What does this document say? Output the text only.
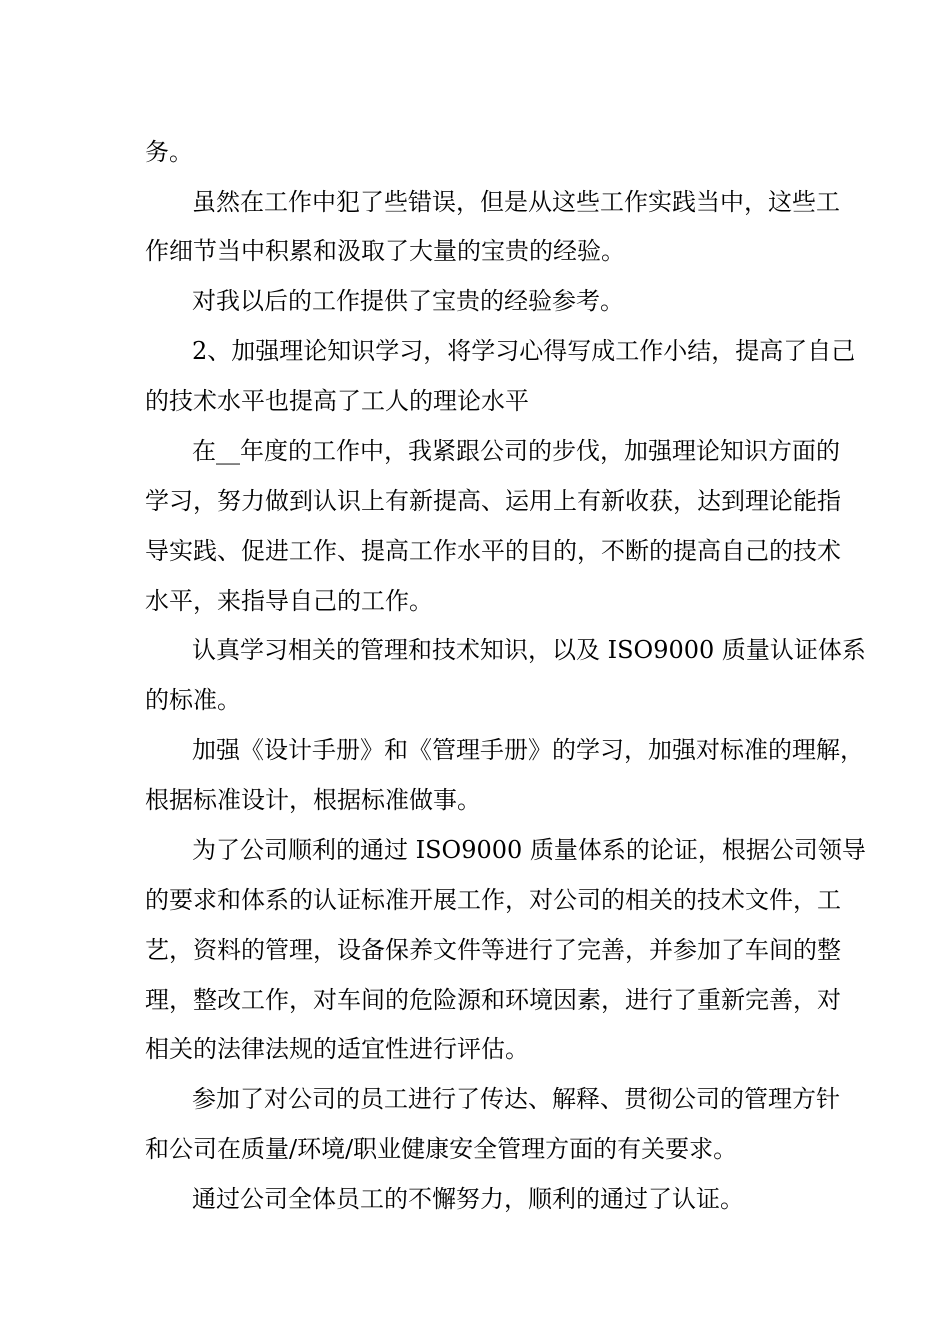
务。
虽然在工作中犯了些错误，但是从这些工作实践当中，这些工
作细节当中积累和汲取了大量的宝贵的经验。
对我以后的工作提供了宝贵的经验参考。
2、加强理论知识学习，将学习心得写成工作小结，提高了自己
的技术水平也提高了工人的理论水平
在__年度的工作中，我紧跟公司的步伐，加强理论知识方面的
学习，努力做到认识上有新提高、运用上有新收获，达到理论能指
导实践、促进工作、提高工作水平的目的，不断的提高自己的技术
水平，来指导自己的工作。
认真学习相关的管理和技术知识，以及 ISO9000 质量认证体系
的标准。
加强《设计手册》和《管理手册》的学习，加强对标准的理解，
根据标准设计，根据标准做事。
为了公司顺利的通过 ISO9000 质量体系的论证，根据公司领导
的要求和体系的认证标准开展工作，对公司的相关的技术文件，工
艺，资料的管理，设备保养文件等进行了完善，并参加了车间的整
理，整改工作，对车间的危险源和环境因素，进行了重新完善，对
相关的法律法规的适宜性进行评估。
参加了对公司的员工进行了传达、解释、贯彻公司的管理方针
和公司在质量/环境/职业健康安全管理方面的有关要求。
通过公司全体员工的不懈努力，顺利的通过了认证。
